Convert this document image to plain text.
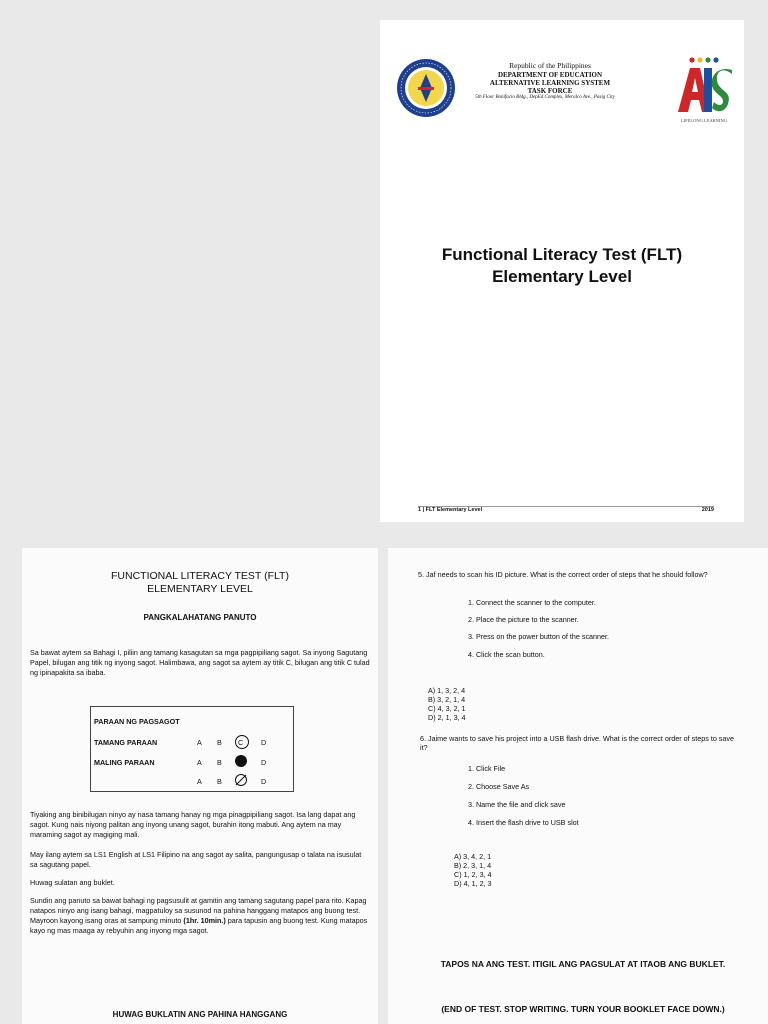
Republic of the Philippines
DEPARTMENT OF EDUCATION
ALTERNATIVE LEARNING SYSTEM
TASK FORCE
5th Floor Bonifacio Bldg., DepEd Complex, Meralco Ave., Pasig City
LIFELONG LEARNING
Functional Literacy Test (FLT)
Elementary Level
1 | FLT Elementary Level	2019
FUNCTIONAL LITERACY TEST (FLT)
ELEMENTARY LEVEL
PANGKALAHATANG PANUTO
Sa bawat aytem sa Bahagi I, piliin ang tamang kasagutan sa mga pagpipiliang sagot. Sa inyong Sagutang Papel, bilugan ang titik ng inyong sagot. Halimbawa, ang sagot sa aytem ay titik C, bilugan ang titik C tulad ng ipinapakita sa ibaba.
PARAAN NG PAGSAGOT
TAMANG PARAAN	A B C D
MALING PARAAN	A B	D
A B	D
Tiyaking ang binibilugan ninyo ay nasa tamang hanay ng mga pinagpipiliang sagot. Isa lang dapat ang sagot. Kung nais niyong palitan ang inyong unang sagot, burahin itong mabuti. Ang aytem na may maraming sagot ay magiging mali.
May ilang aytem sa LS1 English at LS1 Filipino na ang sagot ay salita, pangungusap o talata na isusulat sa sagutang papel.
Huwag sulatan ang buklet.
Sundin ang panuto sa bawat bahagi ng pagsusulit at gamitin ang tamang sagutang papel para rito. Kapag natapos ninyo ang isang bahagi, magpatuloy sa susunod na pahina hanggang matapos ang buong test. Mayroon kayong isang oras at sampung minuto (1hr. 10min.) para tapusin ang buong test. Kung matapos kayo ng mas maaga ay rebyuhin ang inyong mga sagot.
HUWAG BUKLATIN ANG PAHINA HANGGANG
5. Jaf needs to scan his ID picture. What is the correct order of steps that he should follow?
1. Connect the scanner to the computer.
2. Place the picture to the scanner.
3. Press on the power button of the scanner.
4. Click the scan button.
A) 1, 3, 2, 4
B) 3, 2, 1, 4
C) 4, 3, 2, 1
D) 2, 1, 3, 4
6. Jaime wants to save his project into a USB flash drive. What is the correct order of steps to save it?
1. Click File
2. Choose Save As
3. Name the file and click save
4. Insert the flash drive to USB slot
A) 3, 4, 2, 1
B) 2, 3, 1, 4
C) 1, 2, 3, 4
D) 4, 1, 2, 3
TAPOS NA ANG TEST. ITIGIL ANG PAGSULAT AT ITAOB ANG BUKLET.
(END OF TEST. STOP WRITING. TURN YOUR BOOKLET FACE DOWN.)
